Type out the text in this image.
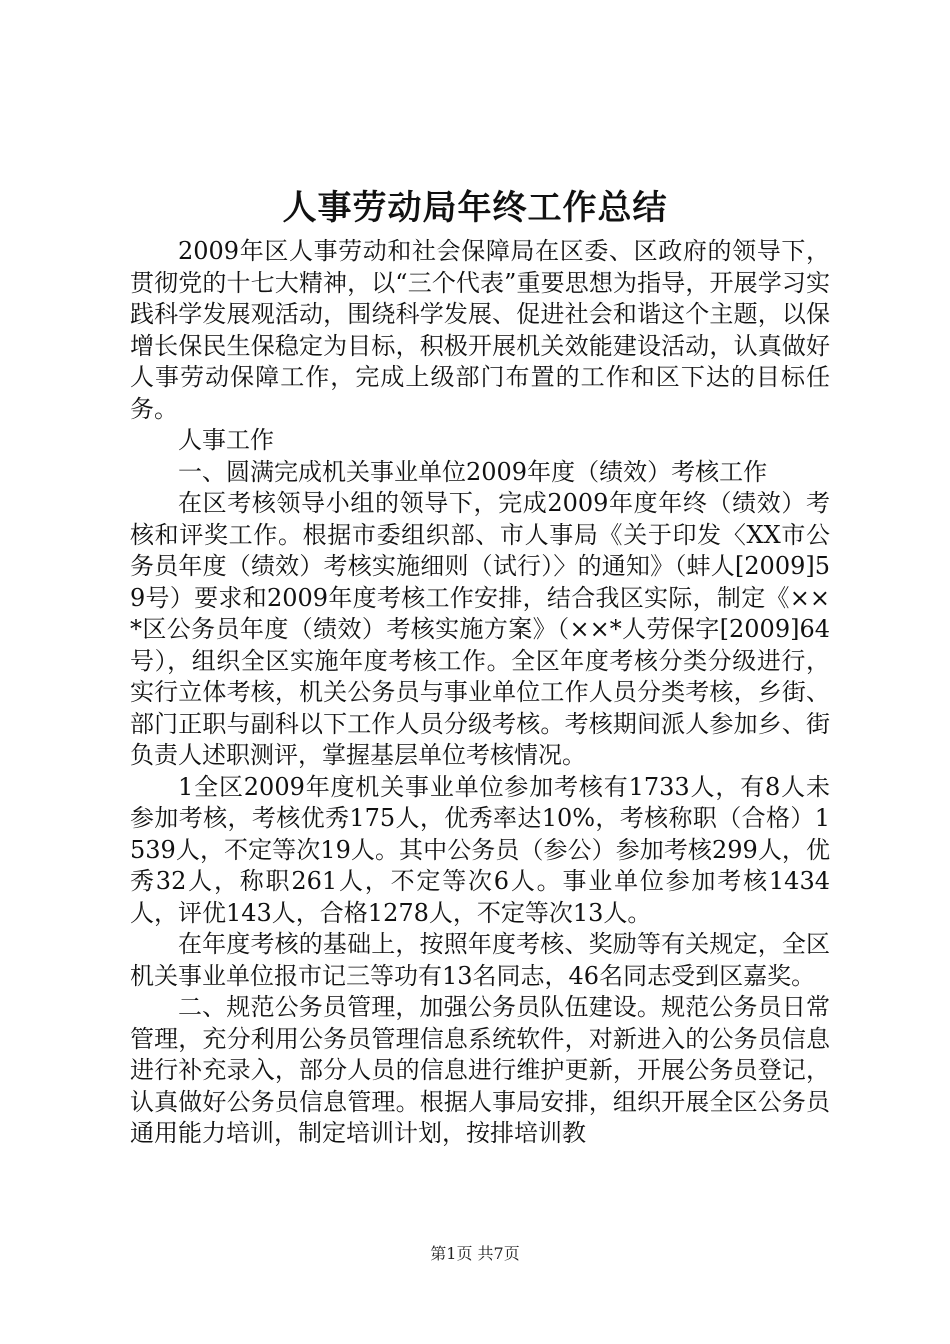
人事劳动局年终工作总结

2009年区人事劳动和社会保障局在区委、区政府的领导下，贯彻党的十七大精神，以“三个代表”重要思想为指导，开展学习实践科学发展观活动，围绕科学发展、促进社会和谐这个主题，以保增长保民生保稳定为目标，积极开展机关效能建设活动，认真做好人事劳动保障工作，完成上级部门布置的工作和区下达的目标任务。

人事工作

一、圆满完成机关事业单位2009年度（绩效）考核工作

在区考核领导小组的领导下，完成2009年度年终（绩效）考核和评奖工作。根据市委组织部、市人事局《关于印发〈XX市公务员年度（绩效）考核实施细则（试行）〉的通知》（蚌人[2009]59号）要求和2009年度考核工作安排，结合我区实际，制定《××*区公务员年度（绩效）考核实施方案》（××*人劳保字[2009]64号），组织全区实施年度考核工作。全区年度考核分类分级进行，实行立体考核，机关公务员与事业单位工作人员分类考核，乡街、部门正职与副科以下工作人员分级考核。考核期间派人参加乡、街负责人述职测评，掌握基层单位考核情况。

1全区2009年度机关事业单位参加考核有1733人，有8人未参加考核，考核优秀175人，优秀率达10%，考核称职（合格）1539人，不定等次19人。其中公务员（参公）参加考核299人，优秀32人，称职261人，不定等次6人。事业单位参加考核1434人，评优143人，合格1278人，不定等次13人。

在年度考核的基础上，按照年度考核、奖励等有关规定，全区机关事业单位报市记三等功有13名同志，46名同志受到区嘉奖。

二、规范公务员管理，加强公务员队伍建设。规范公务员日常管理，充分利用公务员管理信息系统软件，对新进入的公务员信息进行补充录入，部分人员的信息进行维护更新，开展公务员登记，认真做好公务员信息管理。根据人事局安排，组织开展全区公务员通用能力培训，制定培训计划，按排培训教

第1页 共7页
